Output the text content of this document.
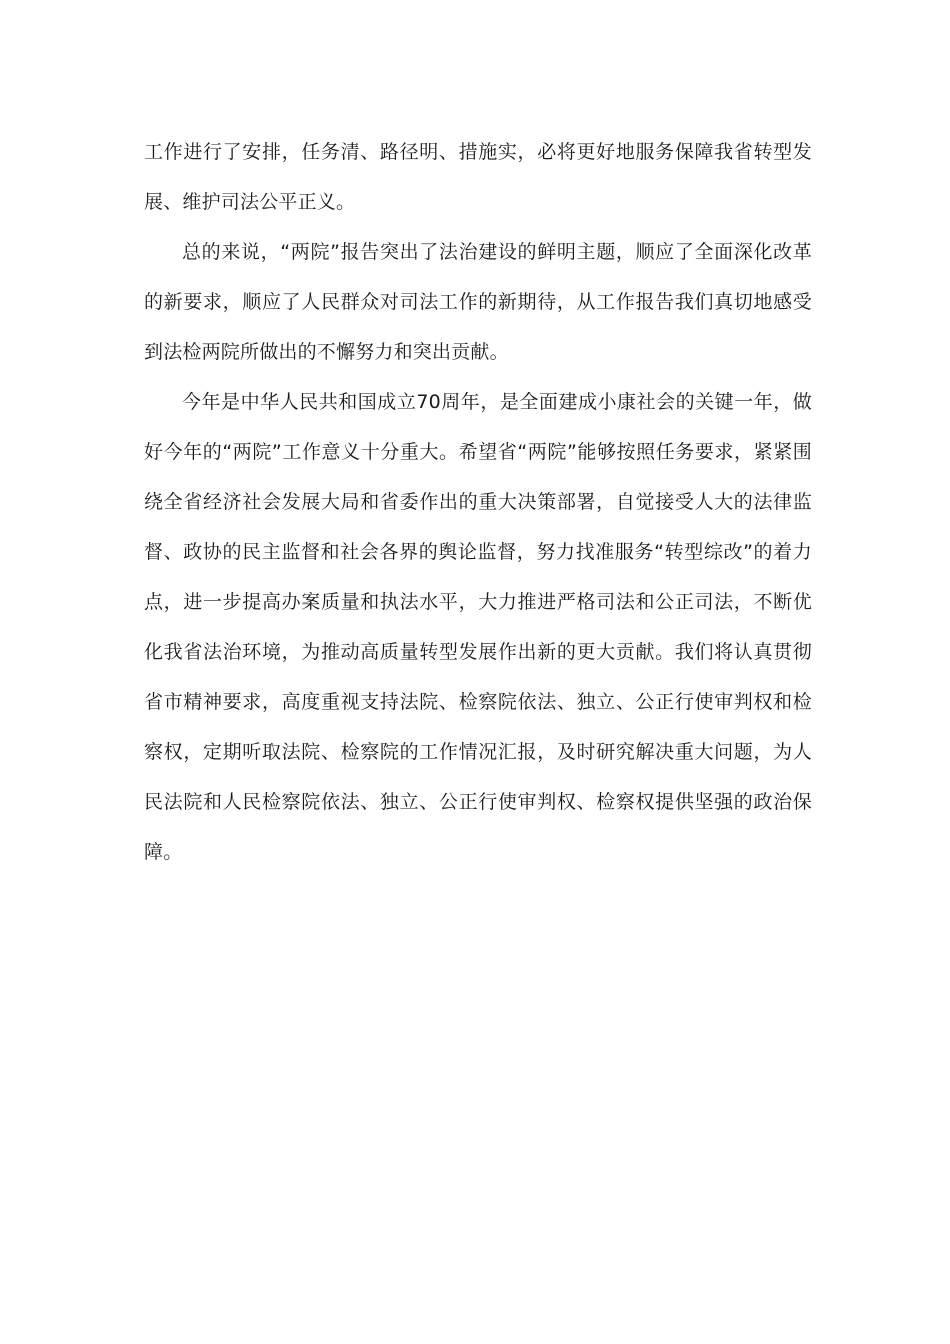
工作进行了安排，任务清、路径明、措施实，必将更好地服务保障我省转型发展、维护司法公平正义。

总的来说，“两院”报告突出了法治建设的鲜明主题，顺应了全面深化改革的新要求，顺应了人民群众对司法工作的新期待，从工作报告我们真切地感受到法检两院所做出的不懈努力和突出贡献。

今年是中华人民共和国成立70周年，是全面建成小康社会的关键一年，做好今年的“两院”工作意义十分重大。希望省“两院”能够按照任务要求，紧紧围绕全省经济社会发展大局和省委作出的重大决策部署，自觉接受人大的法律监督、政协的民主监督和社会各界的舆论监督，努力找准服务“转型综改”的着力点，进一步提高办案质量和执法水平，大力推进严格司法和公正司法，不断优化我省法治环境，为推动高质量转型发展作出新的更大贡献。我们将认真贯彻省市精神要求，高度重视支持法院、检察院依法、独立、公正行使审判权和检察权，定期听取法院、检察院的工作情况汇报，及时研究解决重大问题，为人民法院和人民检察院依法、独立、公正行使审判权、检察权提供坚强的政治保障。
